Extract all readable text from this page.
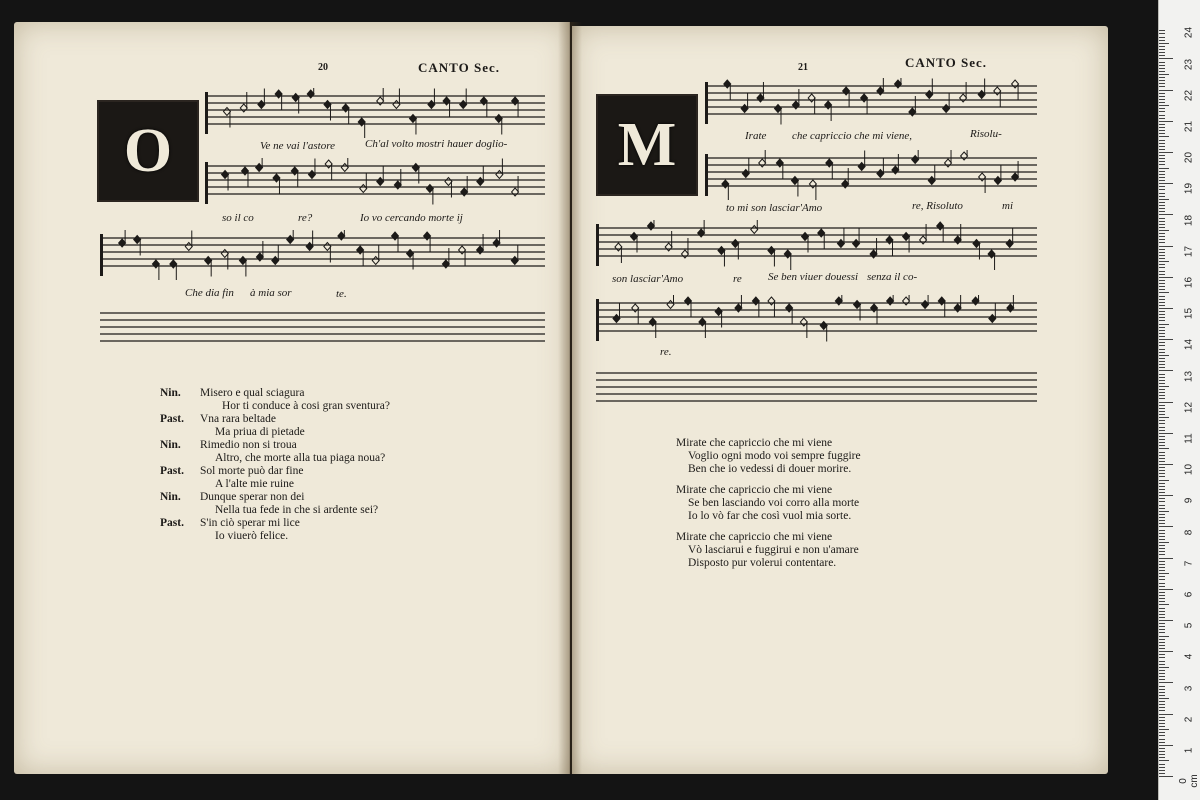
20	CANTO Sec.
O	Ve ne vai l'astore	Ch'al volto mostri hauer doglio-
so il co	re?	Io vo cercando morte ij
Che dia fin à mia sor	te.
Nin. Misero e qual sciagura
Hor ti conduce à cosi gran sventura?
Past. Vna rara beltade
Ma priua di pietade
Nin. Rimedio non si troua
Altro, che morte alla tua piaga noua?
Past. Sol morte può dar fine
A l'alte mie ruine
Nin. Dunque sperar non dei
Nella tua fede in che si ardente sei?
Past. S'in ciò sperar mi lice
Io viuerò felice.
21	CANTO Sec.
M	Irate che capriccio che mi viene,	Risolu-
to mi son lasciar'Amo	re, Risoluto	mi
son lasciar'Amo	re Se ben viuer douessi senza il co-
re.
Mirate che capriccio che mi viene
Voglio ogni modo voi sempre fuggire
Ben che io vedessi di douer morire.
Mirate che capriccio che mi viene
Se ben lasciando voi corro alla morte
Io lo vò far che così vuol mia sorte.
Mirate che capriccio che mi viene
Vò lasciarui e fuggirui e non u'amare
Disposto pur volerui contentare.
0 cm
1
2
3
4
5
6
7
8
9
10
11
12
13
14
15
16
17
18
19
20
21
22
23
24
